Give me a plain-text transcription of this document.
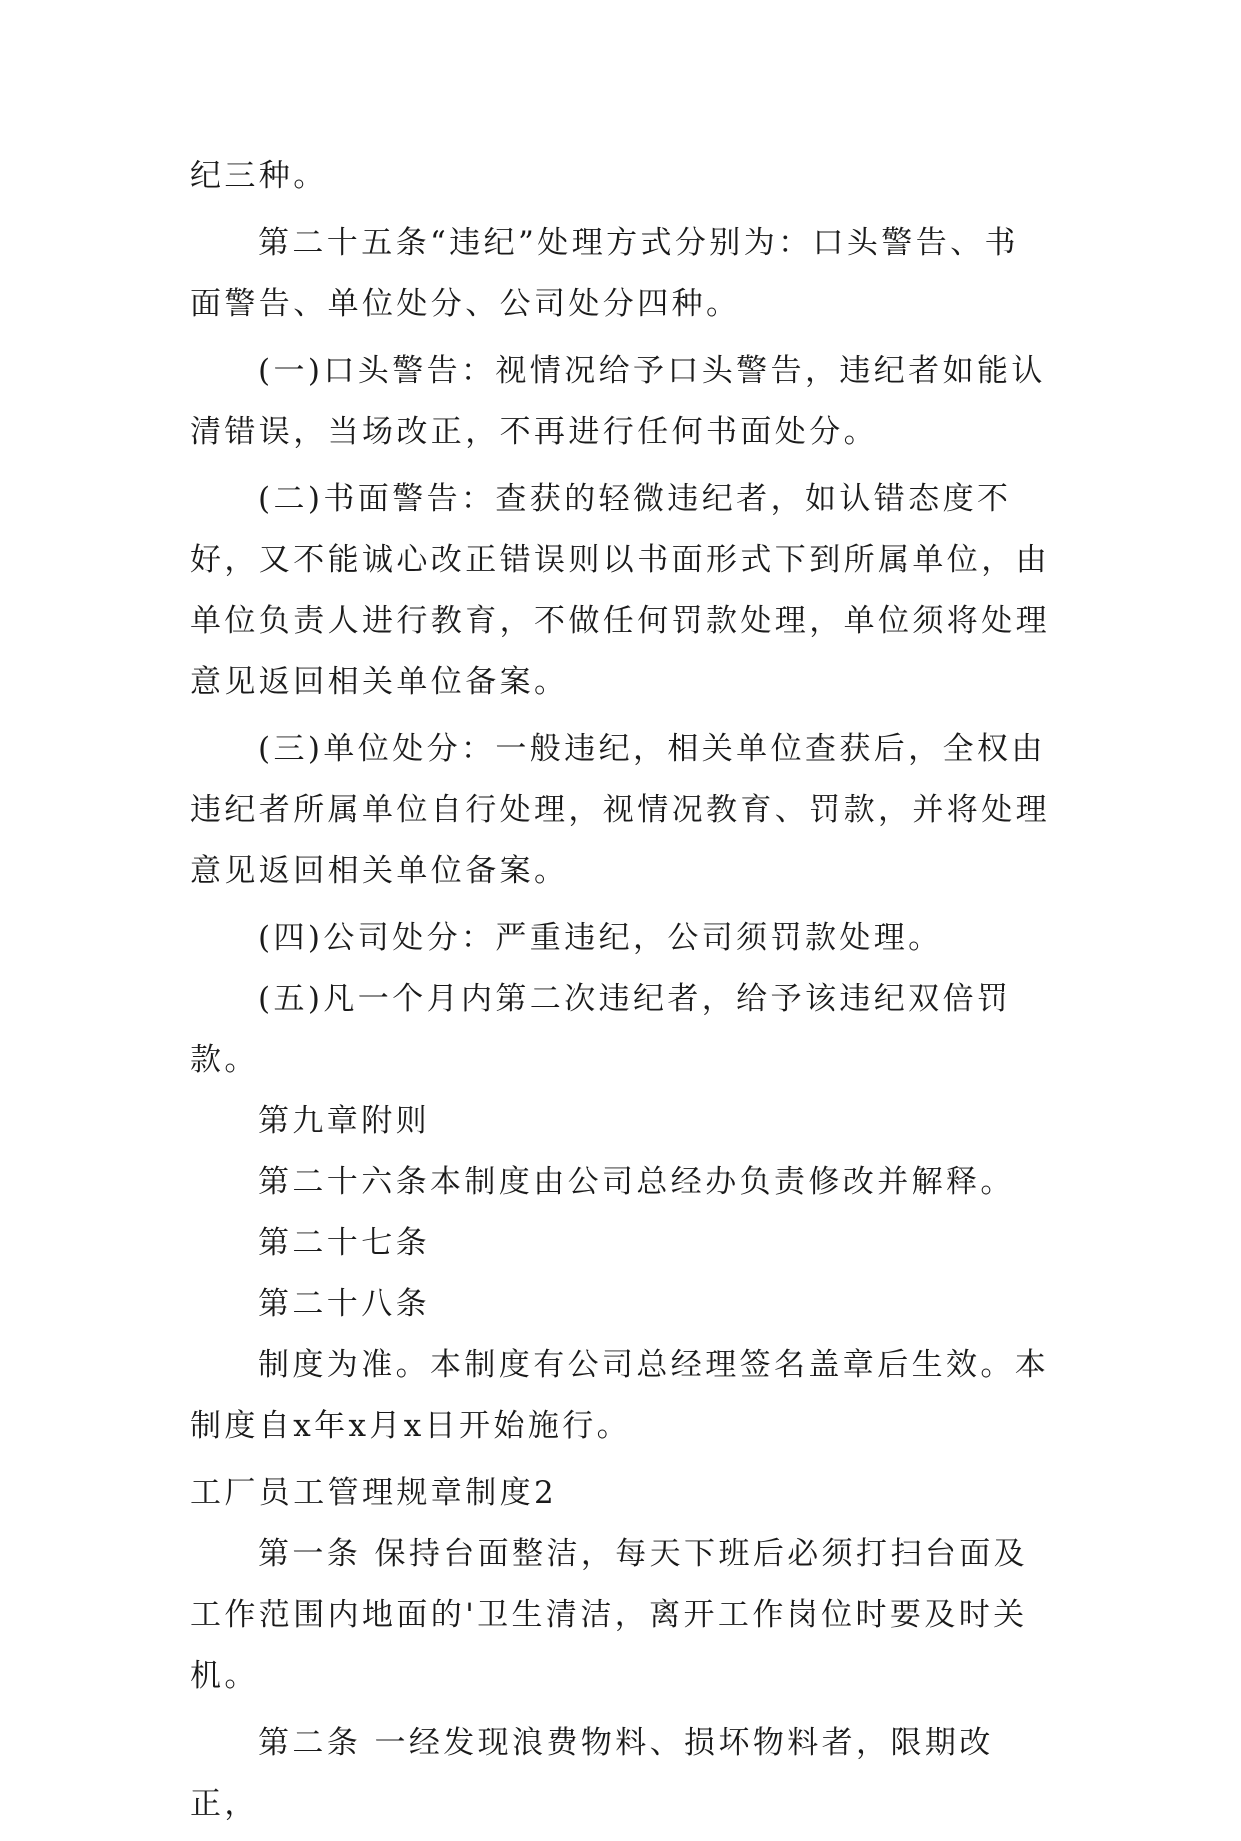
纪三种。

第二十五条“违纪”处理方式分别为：口头警告、书面警告、单位处分、公司处分四种。

(一)口头警告：视情况给予口头警告，违纪者如能认清错误，当场改正，不再进行任何书面处分。

(二)书面警告：查获的轻微违纪者，如认错态度不好，又不能诚心改正错误则以书面形式下到所属单位，由单位负责人进行教育，不做任何罚款处理，单位须将处理意见返回相关单位备案。

(三)单位处分：一般违纪，相关单位查获后，全权由违纪者所属单位自行处理，视情况教育、罚款，并将处理意见返回相关单位备案。

(四)公司处分：严重违纪，公司须罚款处理。

(五)凡一个月内第二次违纪者，给予该违纪双倍罚款。

第九章附则

第二十六条本制度由公司总经办负责修改并解释。

第二十七条

第二十八条

制度为准。本制度有公司总经理签名盖章后生效。本制度自x年x月x日开始施行。

工厂员工管理规章制度2

第一条 保持台面整洁，每天下班后必须打扫台面及工作范围内地面的'卫生清洁，离开工作岗位时要及时关机。

第二条 一经发现浪费物料、损坏物料者，限期改正，
